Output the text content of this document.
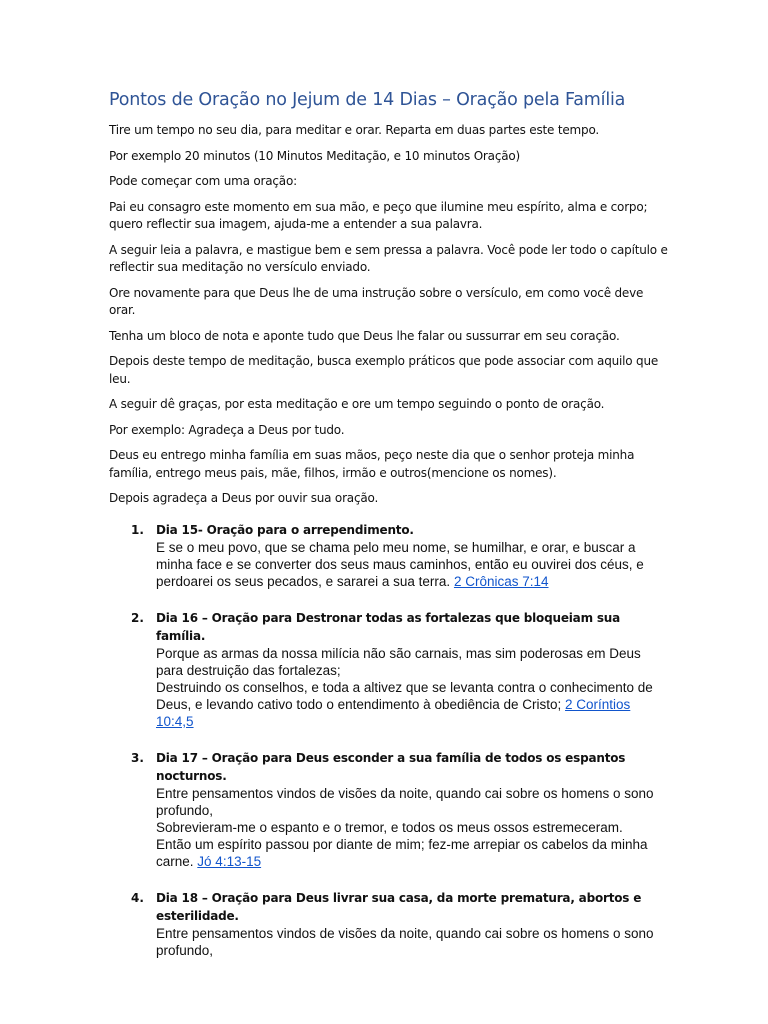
Pontos de Oração no Jejum de 14 Dias – Oração pela Família

Tire um tempo no seu dia, para meditar e orar. Reparta em duas partes este tempo.

Por exemplo 20 minutos (10 Minutos Meditação, e 10 minutos Oração)

Pode começar com uma oração:

Pai eu consagro este momento em sua mão, e peço que ilumine meu espírito, alma e corpo; quero reflectir sua imagem, ajuda-me a entender a sua palavra.

A seguir leia a palavra, e mastigue bem e sem pressa a palavra. Você pode ler todo o capítulo e reflectir sua meditação no versículo enviado.

Ore novamente para que Deus lhe de uma instrução sobre o versículo, em como você deve orar.

Tenha um bloco de nota e aponte tudo que Deus lhe falar ou sussurrar em seu coração.

Depois deste tempo de meditação, busca exemplo práticos que pode associar com aquilo que leu.

A seguir dê graças, por esta meditação e ore um tempo seguindo o ponto de oração.

Por exemplo: Agradeça a Deus por tudo.

Deus eu entrego minha família em suas mãos, peço neste dia que o senhor proteja minha família, entrego meus pais, mãe, filhos, irmão e outros(mencione os nomes).

Depois agradeça a Deus por ouvir sua oração.

1. Dia 15- Oração para o arrependimento.
E se o meu povo, que se chama pelo meu nome, se humilhar, e orar, e buscar a minha face e se converter dos seus maus caminhos, então eu ouvirei dos céus, e perdoarei os seus pecados, e sararei a sua terra. 2 Crônicas 7:14
2. Dia 16 – Oração para Destronar todas as fortalezas que bloqueiam sua família.
Porque as armas da nossa milícia não são carnais, mas sim poderosas em Deus para destruição das fortalezas;
Destruindo os conselhos, e toda a altivez que se levanta contra o conhecimento de Deus, e levando cativo todo o entendimento à obediência de Cristo; 2 Coríntios 10:4,5
3. Dia 17 – Oração para Deus esconder a sua família de todos os espantos nocturnos.
Entre pensamentos vindos de visões da noite, quando cai sobre os homens o sono profundo,
Sobrevieram-me o espanto e o tremor, e todos os meus ossos estremeceram.
Então um espírito passou por diante de mim; fez-me arrepiar os cabelos da minha carne. Jó 4:13-15
4. Dia 18 – Oração para Deus livrar sua casa, da morte prematura, abortos e esterilidade.
Entre pensamentos vindos de visões da noite, quando cai sobre os homens o sono profundo,
